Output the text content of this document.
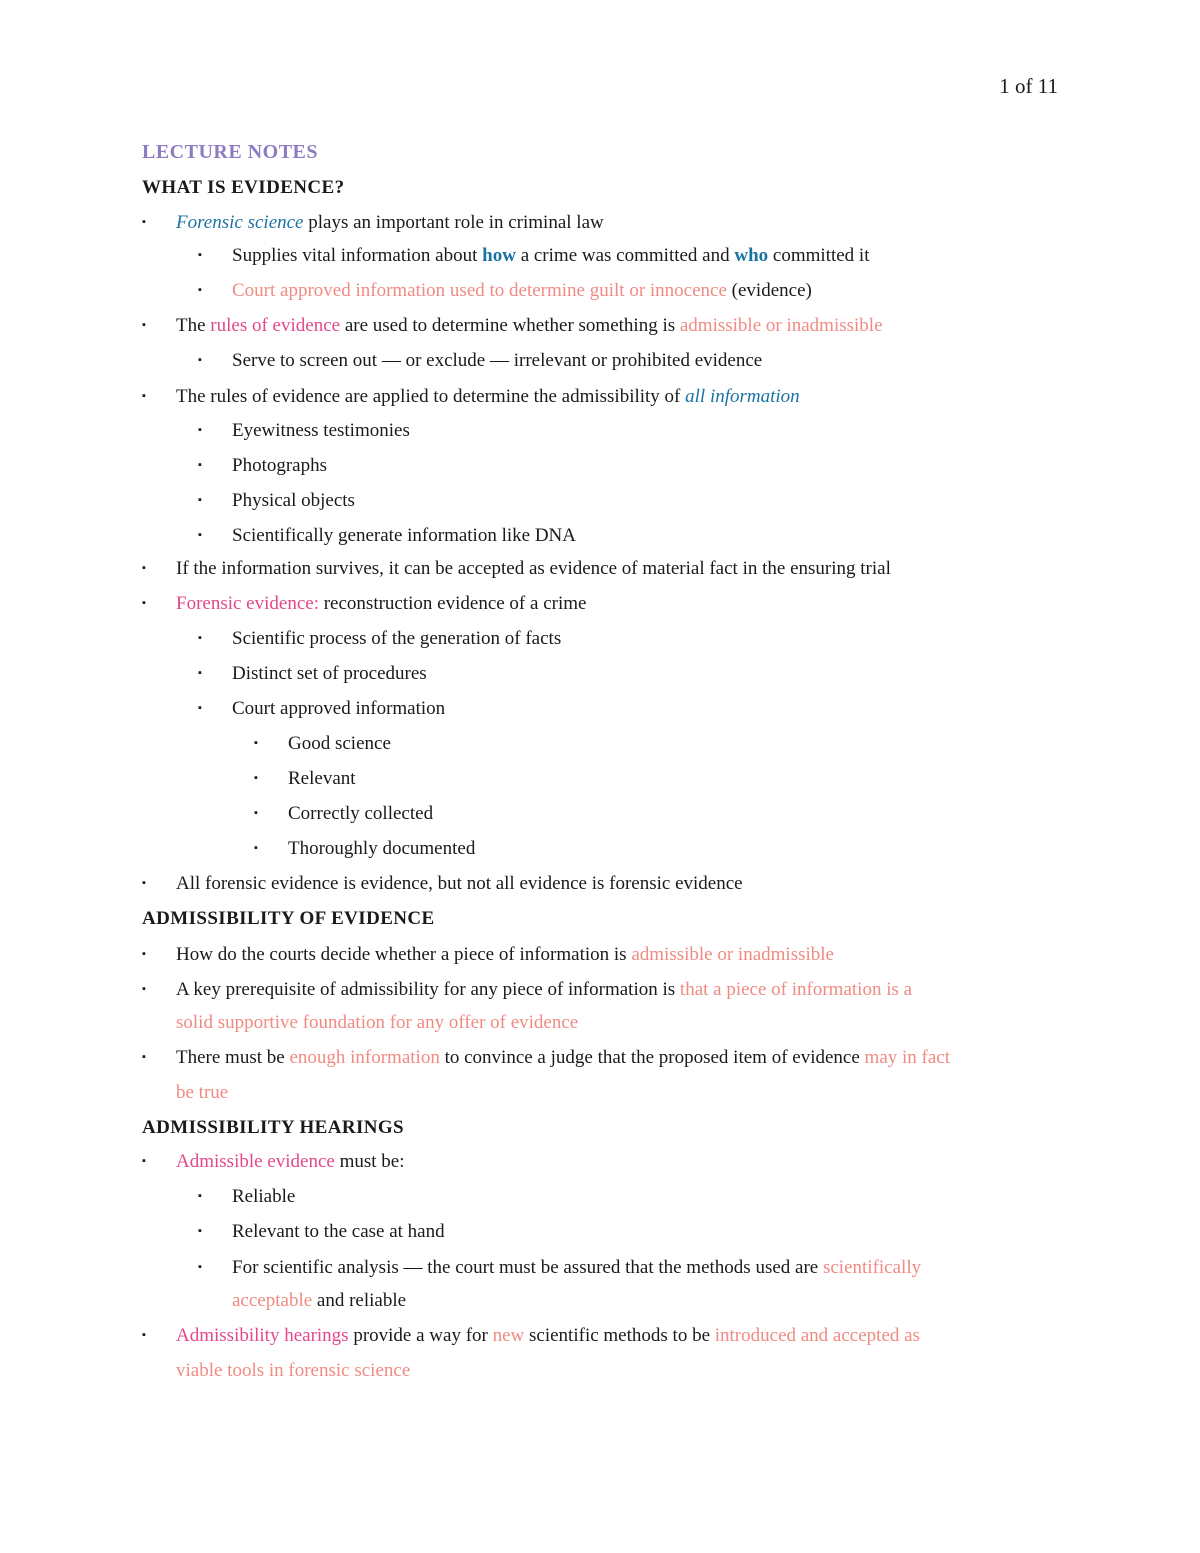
1 of 11
LECTURE NOTES
WHAT IS EVIDENCE?
▪ Forensic science plays an important role in criminal law
▪ Supplies vital information about how a crime was committed and who committed it
▪ Court approved information used to determine guilt or innocence (evidence)
▪ The rules of evidence are used to determine whether something is admissible or inadmissible
▪ Serve to screen out — or exclude — irrelevant or prohibited evidence
▪ The rules of evidence are applied to determine the admissibility of all information
▪ Eyewitness testimonies
▪ Photographs
▪ Physical objects
▪ Scientifically generate information like DNA
▪ If the information survives, it can be accepted as evidence of material fact in the ensuring trial
▪ Forensic evidence: reconstruction evidence of a crime
▪ Scientific process of the generation of facts
▪ Distinct set of procedures
▪ Court approved information
▪ Good science
▪ Relevant
▪ Correctly collected
▪ Thoroughly documented
▪ All forensic evidence is evidence, but not all evidence is forensic evidence
ADMISSIBILITY OF EVIDENCE
▪ How do the courts decide whether a piece of information is admissible or inadmissible
▪ A key prerequisite of admissibility for any piece of information is that a piece of information is a
solid supportive foundation for any offer of evidence
▪ There must be enough information to convince a judge that the proposed item of evidence may in fact
be true
ADMISSIBILITY HEARINGS
▪ Admissible evidence must be:
▪ Reliable
▪ Relevant to the case at hand
▪ For scientific analysis — the court must be assured that the methods used are scientifically
acceptable and reliable
▪ Admissibility hearings provide a way for new scientific methods to be introduced and accepted as
viable tools in forensic science
